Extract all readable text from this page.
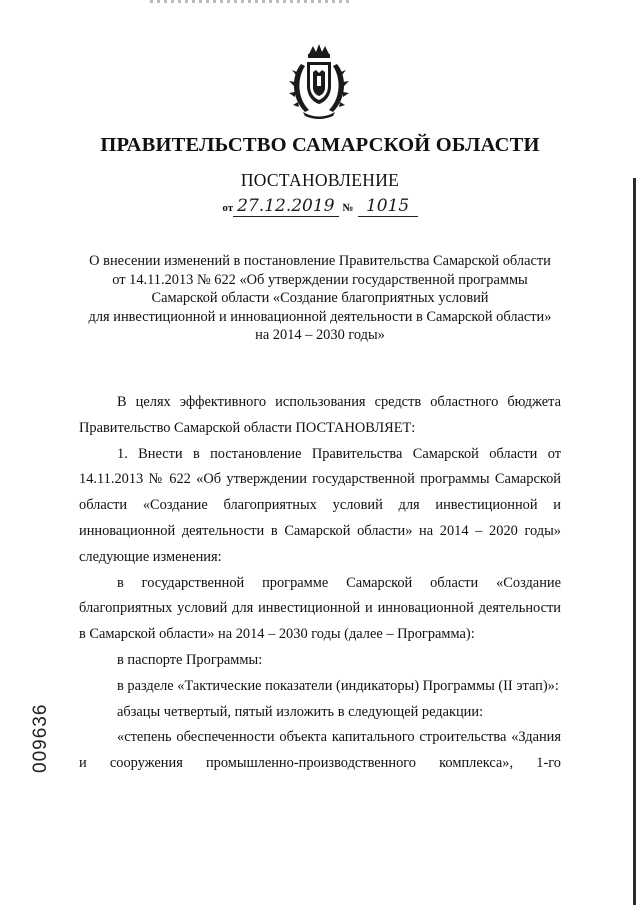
ПРАВИТЕЛЬСТВО САМАРСКОЙ ОБЛАСТИ
ПОСТАНОВЛЕНИЕ
от 27.12.2019 № 1015
О внесении изменений в постановление Правительства Самарской области
от 14.11.2013 № 622 «Об утверждении государственной программы
Самарской области «Создание благоприятных условий
для инвестиционной и инновационной деятельности в Самарской области»
на 2014 – 2030 годы»

В целях эффективного использования средств областного бюджета Правительство Самарской области ПОСТАНОВЛЯЕТ:

1. Внести в постановление Правительства Самарской области от 14.11.2013 № 622 «Об утверждении государственной программы Самарской области «Создание благоприятных условий для инвестиционной и инновационной деятельности в Самарской области» на 2014 – 2020 годы» следующие изменения:

в государственной программе Самарской области «Создание благоприятных условий для инвестиционной и инновационной деятельности в Самарской области» на 2014 – 2030 годы (далее – Программа):

в паспорте Программы:

в разделе «Тактические показатели (индикаторы) Программы (II этап)»:

абзацы четвертый, пятый изложить в следующей редакции:

«степень обеспеченности объекта капитального строительства «Здания и сооружения промышленно-производственного комплекса», 1-го

009636
